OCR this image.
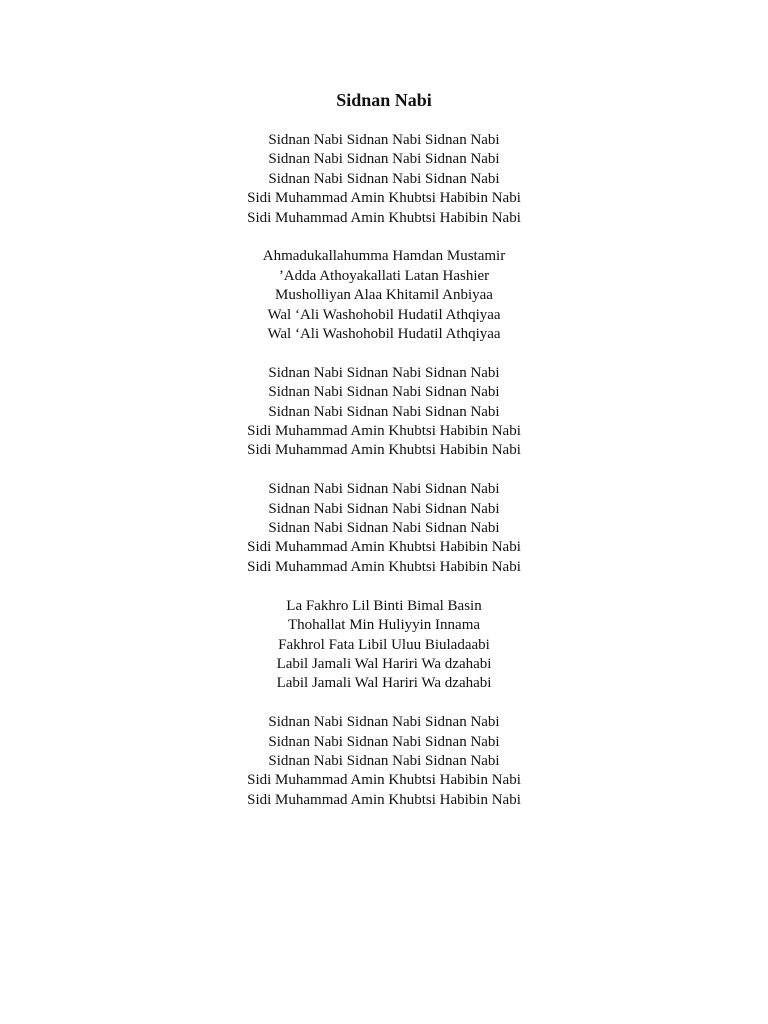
Sidnan Nabi
Sidnan Nabi Sidnan Nabi Sidnan Nabi
Sidnan Nabi Sidnan Nabi Sidnan Nabi
Sidnan Nabi Sidnan Nabi Sidnan Nabi
Sidi Muhammad Amin Khubtsi Habibin Nabi
Sidi Muhammad Amin Khubtsi Habibin Nabi
Ahmadukallahumma Hamdan Mustamir
’Adda Athoyakallati Latan Hashier
Musholliyan Alaa Khitamil Anbiyaa
Wal ‘Ali Washohobil Hudatil Athqiyaa
Wal ‘Ali Washohobil Hudatil Athqiyaa
Sidnan Nabi Sidnan Nabi Sidnan Nabi
Sidnan Nabi Sidnan Nabi Sidnan Nabi
Sidnan Nabi Sidnan Nabi Sidnan Nabi
Sidi Muhammad Amin Khubtsi Habibin Nabi
Sidi Muhammad Amin Khubtsi Habibin Nabi
Sidnan Nabi Sidnan Nabi Sidnan Nabi
Sidnan Nabi Sidnan Nabi Sidnan Nabi
Sidnan Nabi Sidnan Nabi Sidnan Nabi
Sidi Muhammad Amin Khubtsi Habibin Nabi
Sidi Muhammad Amin Khubtsi Habibin Nabi
La Fakhro Lil Binti Bimal Basin
Thohallat Min Huliyyin Innama
Fakhrol Fata Libil Uluu Biuladaabi
Labil Jamali Wal Hariri Wa dzahabi
Labil Jamali Wal Hariri Wa dzahabi
Sidnan Nabi Sidnan Nabi Sidnan Nabi
Sidnan Nabi Sidnan Nabi Sidnan Nabi
Sidnan Nabi Sidnan Nabi Sidnan Nabi
Sidi Muhammad Amin Khubtsi Habibin Nabi
Sidi Muhammad Amin Khubtsi Habibin Nabi
